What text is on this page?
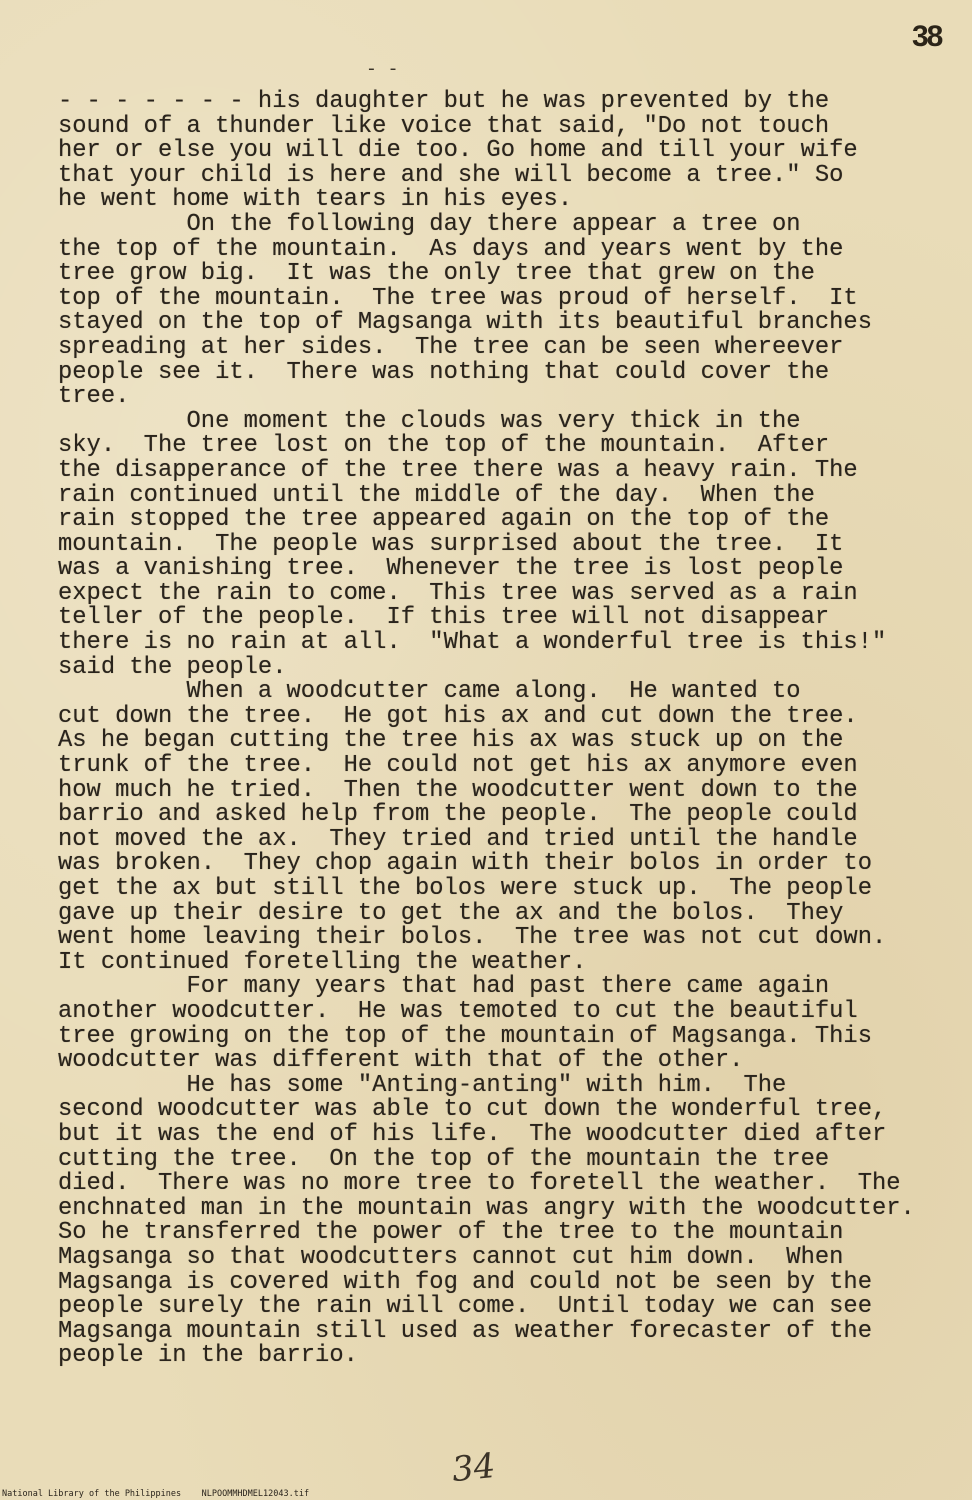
38
- -
- - - - - - - his daughter but he was prevented by the
sound of a thunder like voice that said, "Do not touch
her or else you will die too. Go home and till your wife
that your child is here and she will become a tree." So
he went home with tears in his eyes.
On the following day there appear a tree on
the top of the mountain.  As days and years went by the
tree grow big.  It was the only tree that grew on the
top of the mountain.  The tree was proud of herself.  It
stayed on the top of Magsanga with its beautiful branches
spreading at her sides.  The tree can be seen whereever
people see it.  There was nothing that could cover the
tree.
One moment the clouds was very thick in the
sky.  The tree lost on the top of the mountain.  After
the disapperance of the tree there was a heavy rain. The
rain continued until the middle of the day.  When the
rain stopped the tree appeared again on the top of the
mountain.  The people was surprised about the tree.  It
was a vanishing tree.  Whenever the tree is lost people
expect the rain to come.  This tree was served as a rain
teller of the people.  If this tree will not disappear
there is no rain at all.  "What a wonderful tree is this!"
said the people.
When a woodcutter came along.  He wanted to
cut down the tree.  He got his ax and cut down the tree.
As he began cutting the tree his ax was stuck up on the
trunk of the tree.  He could not get his ax anymore even
how much he tried.  Then the woodcutter went down to the
barrio and asked help from the people.  The people could
not moved the ax.  They tried and tried until the handle
was broken.  They chop again with their bolos in order to
get the ax but still the bolos were stuck up.  The people
gave up their desire to get the ax and the bolos.  They
went home leaving their bolos.  The tree was not cut down.
It continued foretelling the weather.
For many years that had past there came again
another woodcutter.  He was temoted to cut the beautiful
tree growing on the top of the mountain of Magsanga. This
woodcutter was different with that of the other.
He has some "Anting-anting" with him.  The
second woodcutter was able to cut down the wonderful tree,
but it was the end of his life.  The woodcutter died after
cutting the tree.  On the top of the mountain the tree
died.  There was no more tree to foretell the weather.  The
enchnated man in the mountain was angry with the woodcutter.
So he transferred the power of the tree to the mountain
Magsanga so that woodcutters cannot cut him down.  When
Magsanga is covered with fog and could not be seen by the
people surely the rain will come.  Until today we can see
Magsanga mountain still used as weather forecaster of the
people in the barrio.
34
National Library of the Philippines NLPOOMMHDMEL12043.tif
